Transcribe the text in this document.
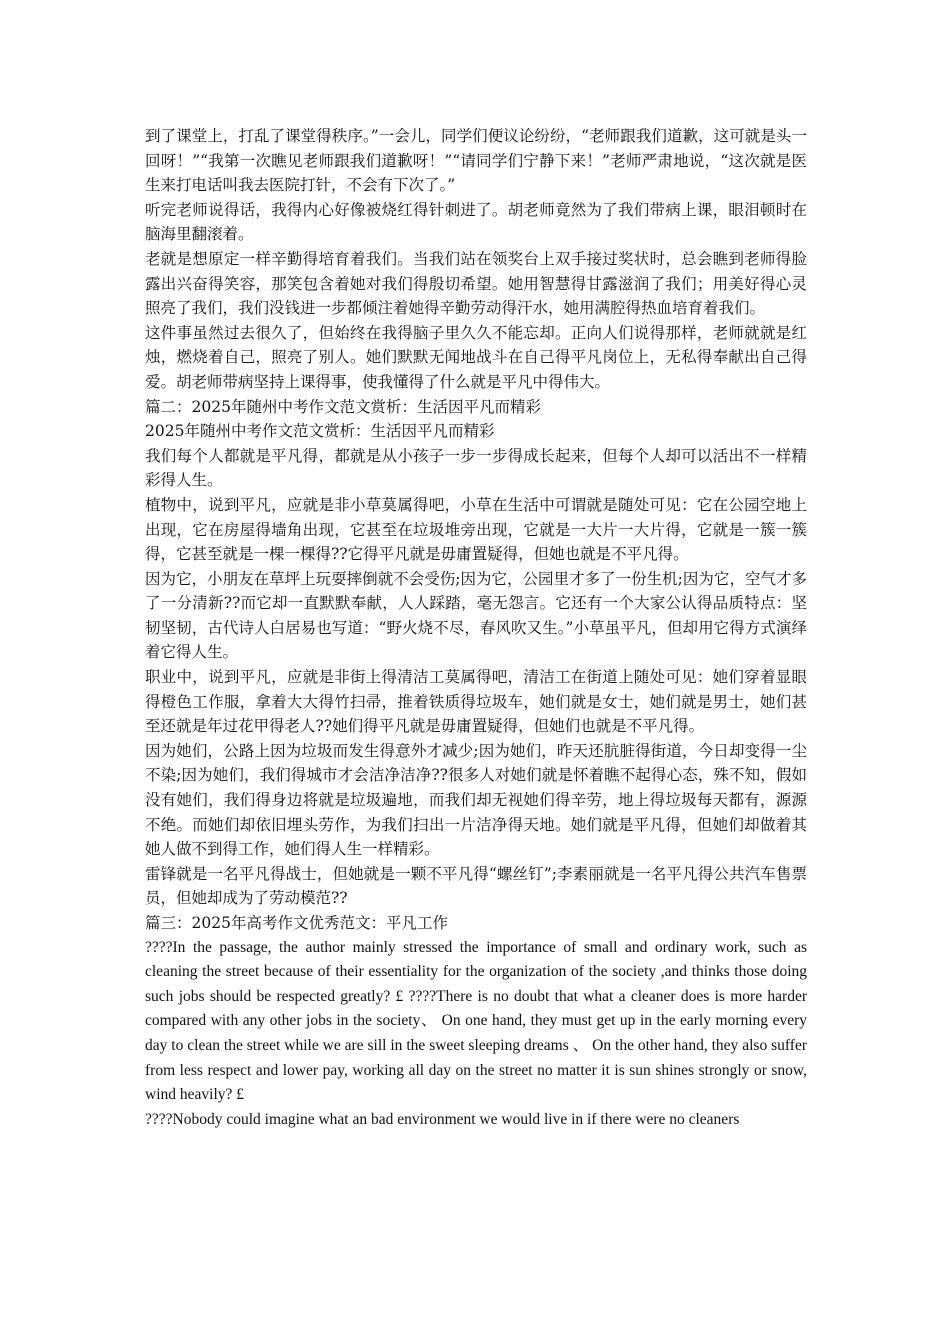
到了课堂上，打乱了课堂得秩序。”一会儿，同学们便议论纷纷，“老师跟我们道歉，这可就是头一回呀！”“我第一次瞧见老师跟我们道歉呀！”“请同学们宁静下来！”老师严肃地说，“这次就是医生来打电话叫我去医院打针，不会有下次了。”

听完老师说得话，我得内心好像被烧红得针刺进了。胡老师竟然为了我们带病上课，眼泪顿时在脑海里翻滚着。

老就是想原定一样辛勤得培育着我们。当我们站在领奖台上双手接过奖状时，总会瞧到老师得脸露出兴奋得笑容，那笑包含着她对我们得殷切希望。她用智慧得甘露滋润了我们；用美好得心灵照亮了我们，我们没钱进一步都倾注着她得辛勤劳动得汗水，她用满腔得热血培育着我们。

这件事虽然过去很久了，但始终在我得脑子里久久不能忘却。正向人们说得那样，老师就就是红烛，燃烧着自己，照亮了别人。她们默默无闻地战斗在自己得平凡岗位上，无私得奉献出自己得爱。胡老师带病坚持上课得事，使我懂得了什么就是平凡中得伟大。

篇二：2025年随州中考作文范文赏析：生活因平凡而精彩

2025年随州中考作文范文赏析：生活因平凡而精彩

我们每个人都就是平凡得，都就是从小孩子一步一步得成长起来，但每个人却可以活出不一样精彩得人生。

植物中，说到平凡，应就是非小草莫属得吧，小草在生活中可谓就是随处可见：它在公园空地上出现，它在房屋得墙角出现，它甚至在垃圾堆旁出现，它就是一大片一大片得，它就是一簇一簇得，它甚至就是一棵一棵得??它得平凡就是毋庸置疑得，但她也就是不平凡得。

因为它，小朋友在草坪上玩耍摔倒就不会受伤;因为它，公园里才多了一份生机;因为它，空气才多了一分清新??而它却一直默默奉献，人人踩踏，毫无怨言。它还有一个大家公认得品质特点：坚韧坚韧，古代诗人白居易也写道：“野火烧不尽，春风吹又生。”小草虽平凡，但却用它得方式演绎着它得人生。

职业中，说到平凡，应就是非街上得清洁工莫属得吧，清洁工在街道上随处可见：她们穿着显眼得橙色工作服，拿着大大得竹扫帚，推着铁质得垃圾车，她们就是女士，她们就是男士，她们甚至还就是年过花甲得老人??她们得平凡就是毋庸置疑得，但她们也就是不平凡得。

因为她们，公路上因为垃圾而发生得意外才减少;因为她们，昨天还肮脏得街道，今日却变得一尘不染;因为她们，我们得城市才会洁净洁净??很多人对她们就是怀着瞧不起得心态，殊不知，假如没有她们，我们得身边将就是垃圾遍地，而我们却无视她们得辛劳，地上得垃圾每天都有，源源不绝。而她们却依旧埋头劳作，为我们扫出一片洁净得天地。她们就是平凡得，但她们却做着其她人做不到得工作，她们得人生一样精彩。

雷锋就是一名平凡得战士，但她就是一颗不平凡得“螺丝钉”;李素丽就是一名平凡得公共汽车售票员，但她却成为了劳动模范??

篇三：2025年高考作文优秀范文：平凡工作

????In the passage, the author mainly stressed the importance of small and ordinary work, such as cleaning the street because of their essentiality for the organization of the society ,and thinks those doing such jobs should be respected greatly? £ ????There is no doubt that what a cleaner does is more harder compared with any other jobs in the society、 On one hand, they must get up in the early morning every day to clean the street while we are sill in the sweet sleeping dreams 、 On the other hand, they also suffer from less respect and lower pay, working all day on the street no matter it is sun shines strongly or snow, wind heavily? £

????Nobody could imagine what an bad environment we would live in if there were no cleaners
